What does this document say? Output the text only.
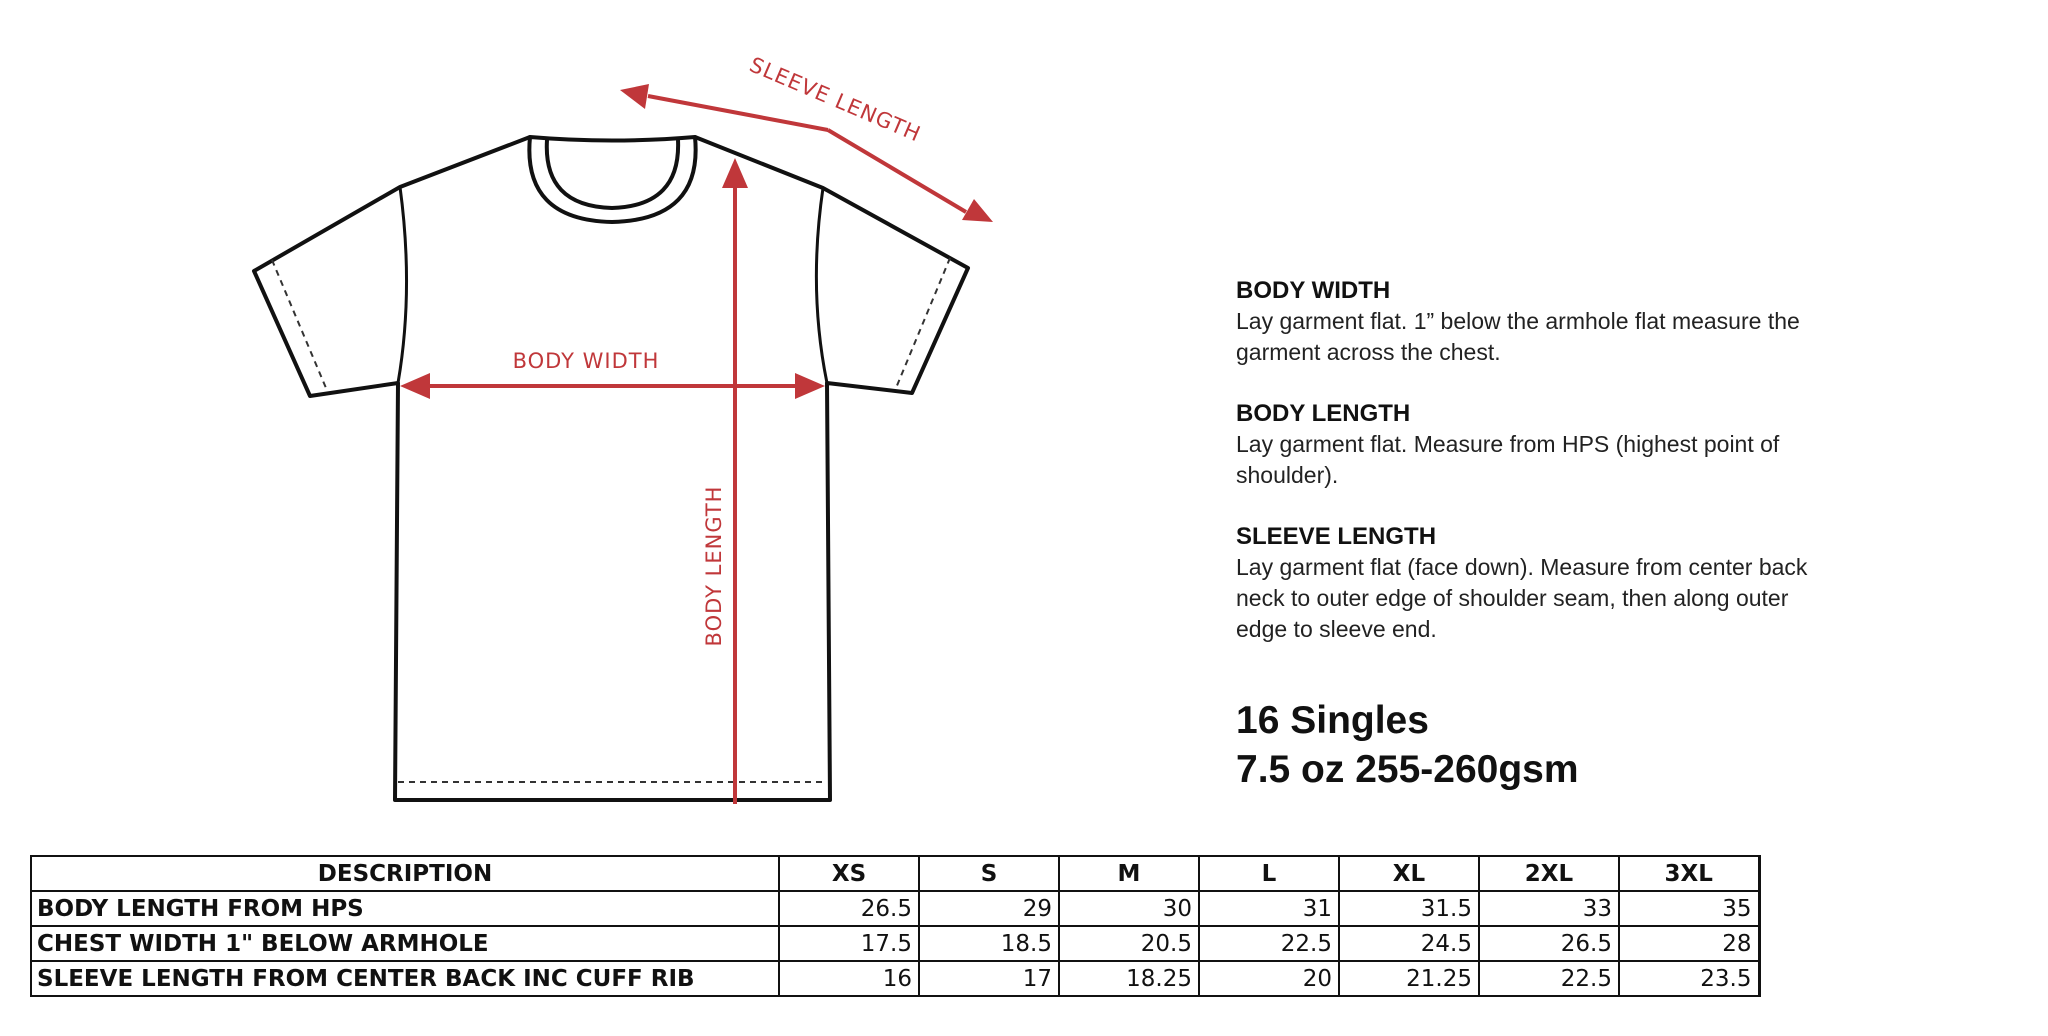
SLEEVE LENGTH
BODY WIDTH
BODY LENGTH
BODY WIDTH
Lay garment flat. 1” below the armhole flat measure the
garment across the chest.
BODY LENGTH
Lay garment flat. Measure from HPS (highest point of
shoulder).
SLEEVE LENGTH
Lay garment flat (face down). Measure from center back
neck to outer edge of shoulder seam, then along outer
edge to sleeve end.
16 Singles
7.5 oz 255-260gsm
DESCRIPTION	XS	S	M	L	XL	2XL	3XL
BODY LENGTH FROM HPS	26.5	29	30	31	31.5	33	35
CHEST WIDTH 1" BELOW ARMHOLE	17.5	18.5	20.5	22.5	24.5	26.5	28
SLEEVE LENGTH FROM CENTER BACK INC CUFF RIB	16	17	18.25	20	21.25	22.5	23.5
